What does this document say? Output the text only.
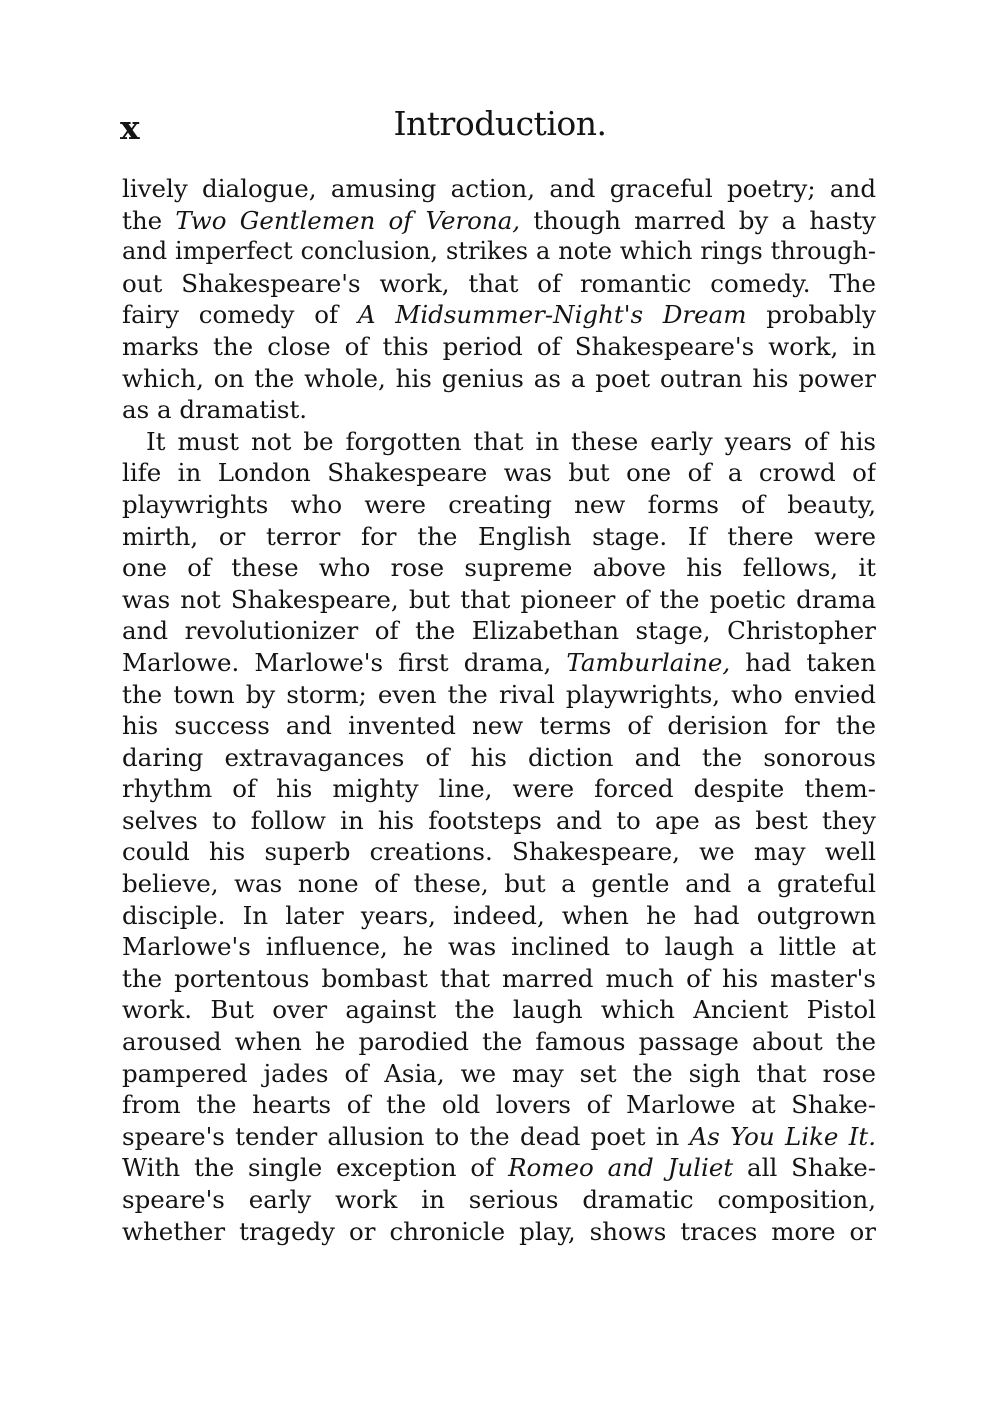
x	Introduction.
lively dialogue, amusing action, and graceful poetry; and
the Two Gentlemen of Verona, though marred by a hasty
and imperfect conclusion, strikes a note which rings through-
out Shakespeare's work, that of romantic comedy. The
fairy comedy of A Midsummer-Night's Dream probably
marks the close of this period of Shakespeare's work, in
which, on the whole, his genius as a poet outran his power
as a dramatist.
It must not be forgotten that in these early years of his
life in London Shakespeare was but one of a crowd of
playwrights who were creating new forms of beauty,
mirth, or terror for the English stage. If there were
one of these who rose supreme above his fellows, it
was not Shakespeare, but that pioneer of the poetic drama
and revolutionizer of the Elizabethan stage, Christopher
Marlowe. Marlowe's first drama, Tamburlaine, had taken
the town by storm; even the rival playwrights, who envied
his success and invented new terms of derision for the
daring extravagances of his diction and the sonorous
rhythm of his mighty line, were forced despite them-
selves to follow in his footsteps and to ape as best they
could his superb creations. Shakespeare, we may well
believe, was none of these, but a gentle and a grateful
disciple. In later years, indeed, when he had outgrown
Marlowe's influence, he was inclined to laugh a little at
the portentous bombast that marred much of his master's
work. But over against the laugh which Ancient Pistol
aroused when he parodied the famous passage about the
pampered jades of Asia, we may set the sigh that rose
from the hearts of the old lovers of Marlowe at Shake-
speare's tender allusion to the dead poet in As You Like It.
With the single exception of Romeo and Juliet all Shake-
speare's early work in serious dramatic composition,
whether tragedy or chronicle play, shows traces more or
